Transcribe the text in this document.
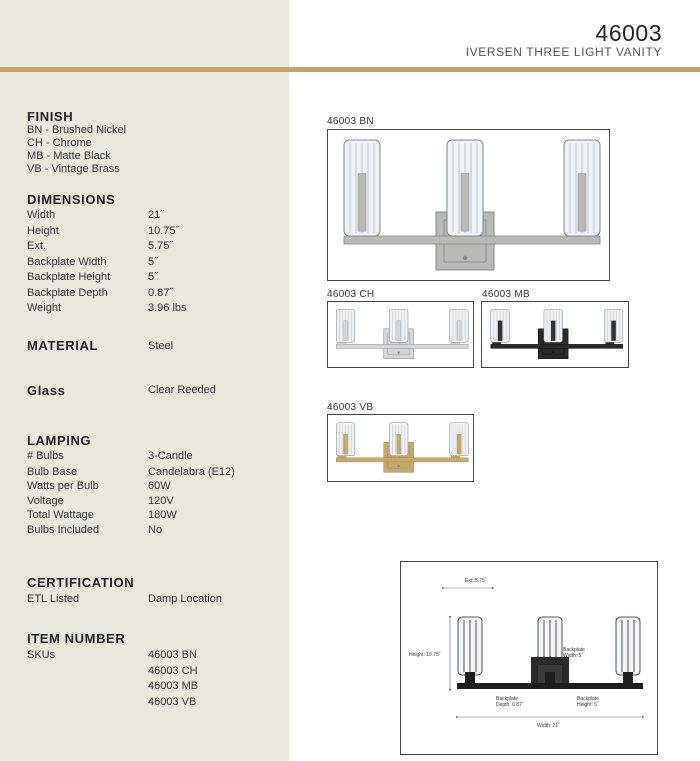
46003
IVERSEN THREE LIGHT VANITY
FINISH
BN - Brushed Nickel
CH - Chrome
MB - Matte Black
VB - Vintage Brass
DIMENSIONS
Width	21˝
Height	10.75˝
Ext.	5.75˝
Backplate Width	5˝
Backplate Height	5˝
Backplate Depth	0.87˝
Weight	3.96 lbs
MATERIAL	Steel
Glass	Clear Reeded
LAMPING
# Bulbs	3-Candle
Bulb Base	Candelabra (E12)
Watts per Bulb	60W
Voltage	120V
Total Wattage	180W
Bulbs Included	No
CERTIFICATION
ETL Listed	Damp Location
ITEM NUMBER
SKUs	46003 BN
46003 CH
46003 MB
46003 VB
46003 BN
46003 CH	46003 MB
46003 VB
Ext: 5.75˝
Height: 10.75˝
Backplate
Width: 5˝
Backplate
Depth: 0.87˝
Backplate
Height: 5˝
Width: 21˝
